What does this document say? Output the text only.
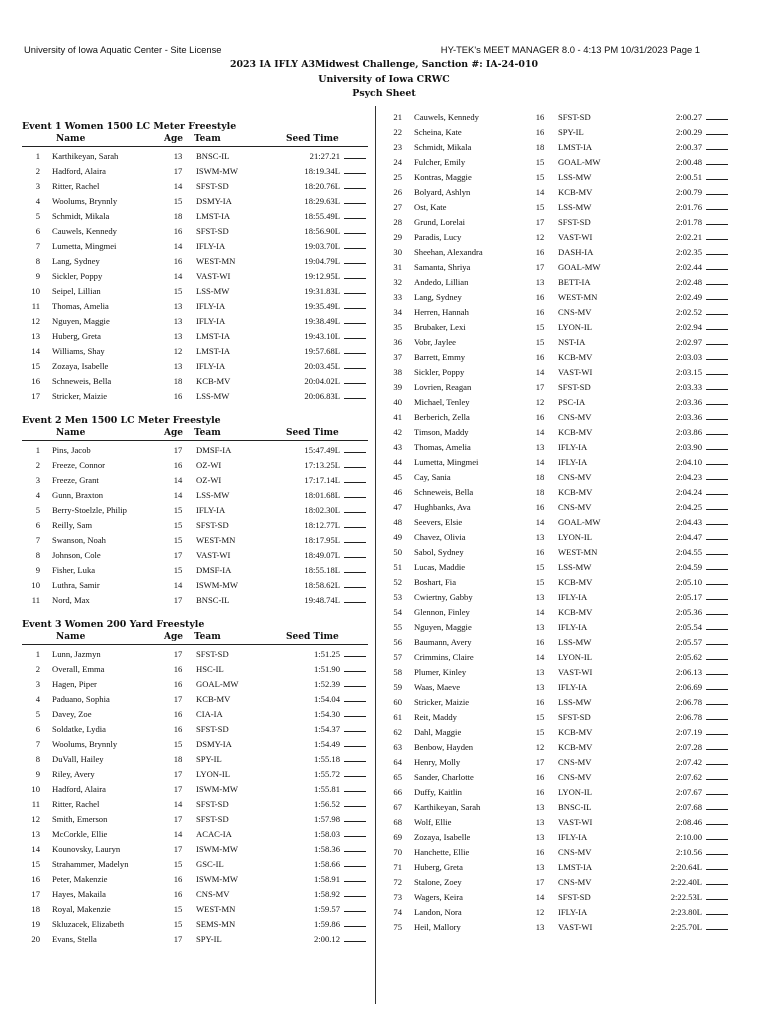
University of Iowa Aquatic Center - Site License	HY-TEK's MEET MANAGER 8.0 - 4:13 PM 10/31/2023 Page 1
2023 IA IFLY A3Midwest Challenge, Sanction #: IA-24-010
University of Iowa CRWC
Psych Sheet
Event 1 Women 1500 LC Meter Freestyle
Name	Age Team	Seed Time
1 Karthikeyan, Sarah	13	BNSC-IL	21:27.21
2 Hadford, Alaira	17	ISWM-MW	18:19.34L
3 Ritter, Rachel	14	SFST-SD	18:20.76L
4 Woolums, Brynnly	15	DSMY-IA	18:29.63L
5 Schmidt, Mikala	18	LMST-IA	18:55.49L
6 Cauwels, Kennedy	16	SFST-SD	18:56.90L
7 Lumetta, Mingmei	14	IFLY-IA	19:03.70L
8 Lang, Sydney	16	WEST-MN	19:04.79L
9 Sickler, Poppy	14	VAST-WI	19:12.95L
10 Seipel, Lillian	15	LSS-MW	19:31.83L
11 Thomas, Amelia	13	IFLY-IA	19:35.49L
12 Nguyen, Maggie	13	IFLY-IA	19:38.49L
13 Huberg, Greta	13	LMST-IA	19:43.10L
14 Williams, Shay	12	LMST-IA	19:57.68L
15 Zozaya, Isabelle	13	IFLY-IA	20:03.45L
16 Schneweis, Bella	18	KCB-MV	20:04.02L
17 Stricker, Maizie	16	LSS-MW	20:06.83L
Event 2 Men 1500 LC Meter Freestyle
Name	Age Team	Seed Time
1 Pins, Jacob	17	DMSF-IA	15:47.49L
2 Freeze, Connor	16	OZ-WI	17:13.25L
3 Freeze, Grant	14	OZ-WI	17:17.14L
4 Gunn, Braxton	14	LSS-MW	18:01.68L
5 Berry-Stoelzle, Philip	15	IFLY-IA	18:02.30L
6 Reilly, Sam	15	SFST-SD	18:12.77L
7 Swanson, Noah	15	WEST-MN	18:17.95L
8 Johnson, Cole	17	VAST-WI	18:49.07L
9 Fisher, Luka	15	DMSF-IA	18:55.18L
10 Luthra, Samir	14	ISWM-MW	18:58.62L
11 Nord, Max	17	BNSC-IL	19:48.74L
Event 3 Women 200 Yard Freestyle
Name	Age Team	Seed Time
1 Lunn, Jazmyn	17	SFST-SD	1:51.25
2 Overall, Emma	16	HSC-IL	1:51.90
3 Hagen, Piper	16	GOAL-MW	1:52.39
4 Paduano, Sophia	17	KCB-MV	1:54.04
5 Davey, Zoe	16	CIA-IA	1:54.30
6 Soldatke, Lydia	16	SFST-SD	1:54.37
7 Woolums, Brynnly	15	DSMY-IA	1:54.49
8 DuVall, Hailey	18	SPY-IL	1:55.18
9 Riley, Avery	17	LYON-IL	1:55.72
10 Hadford, Alaira	17	ISWM-MW	1:55.81
11 Ritter, Rachel	14	SFST-SD	1:56.52
12 Smith, Emerson	17	SFST-SD	1:57.98
13 McCorkle, Ellie	14	ACAC-IA	1:58.03
14 Kounovsky, Lauryn	17	ISWM-MW	1:58.36
15 Strahammer, Madelyn	15	GSC-IL	1:58.66
16 Peter, Makenzie	16	ISWM-MW	1:58.91
17 Hayes, Makaila	16	CNS-MV	1:58.92
18 Royal, Makenzie	15	WEST-MN	1:59.57
19 Skluzacek, Elizabeth	15	SEMS-MN	1:59.86
20 Evans, Stella	17	SPY-IL	2:00.12
21 Cauwels, Kennedy	16	SFST-SD	2:00.27
22 Scheina, Kate	16	SPY-IL	2:00.29
23 Schmidt, Mikala	18	LMST-IA	2:00.37
24 Fulcher, Emily	15	GOAL-MW	2:00.48
25 Kontras, Maggie	15	LSS-MW	2:00.51
26 Bolyard, Ashlyn	14	KCB-MV	2:00.79
27 Ost, Kate	15	LSS-MW	2:01.76
28 Grund, Lorelai	17	SFST-SD	2:01.78
29 Paradis, Lucy	12	VAST-WI	2:02.21
30 Sheehan, Alexandra	16	DASH-IA	2:02.35
31 Samanta, Shriya	17	GOAL-MW	2:02.44
32 Andedo, Lillian	13	BETT-IA	2:02.48
33 Lang, Sydney	16	WEST-MN	2:02.49
34 Herren, Hannah	16	CNS-MV	2:02.52
35 Brubaker, Lexi	15	LYON-IL	2:02.94
36 Vobr, Jaylee	15	NST-IA	2:02.97
37 Barrett, Emmy	16	KCB-MV	2:03.03
38 Sickler, Poppy	14	VAST-WI	2:03.15
39 Lovrien, Reagan	17	SFST-SD	2:03.33
40 Michael, Tenley	12	PSC-IA	2:03.36
41 Berberich, Zella	16	CNS-MV	2:03.36
42 Timson, Maddy	14	KCB-MV	2:03.86
43 Thomas, Amelia	13	IFLY-IA	2:03.90
44 Lumetta, Mingmei	14	IFLY-IA	2:04.10
45 Cay, Sania	18	CNS-MV	2:04.23
46 Schneweis, Bella	18	KCB-MV	2:04.24
47 Hughbanks, Ava	16	CNS-MV	2:04.25
48 Seevers, Elsie	14	GOAL-MW	2:04.43
49 Chavez, Olivia	13	LYON-IL	2:04.47
50 Sabol, Sydney	16	WEST-MN	2:04.55
51 Lucas, Maddie	15	LSS-MW	2:04.59
52 Boshart, Fia	15	KCB-MV	2:05.10
53 Cwiertny, Gabby	13	IFLY-IA	2:05.17
54 Glennon, Finley	14	KCB-MV	2:05.36
55 Nguyen, Maggie	13	IFLY-IA	2:05.54
56 Baumann, Avery	16	LSS-MW	2:05.57
57 Crimmins, Claire	14	LYON-IL	2:05.62
58 Plumer, Kinley	13	VAST-WI	2:06.13
59 Waas, Maeve	13	IFLY-IA	2:06.69
60 Stricker, Maizie	16	LSS-MW	2:06.78
61 Reit, Maddy	15	SFST-SD	2:06.78
62 Dahl, Maggie	15	KCB-MV	2:07.19
63 Benbow, Hayden	12	KCB-MV	2:07.28
64 Henry, Molly	17	CNS-MV	2:07.42
65 Sander, Charlotte	16	CNS-MV	2:07.62
66 Duffy, Kaitlin	16	LYON-IL	2:07.67
67 Karthikeyan, Sarah	13	BNSC-IL	2:07.68
68 Wolf, Ellie	13	VAST-WI	2:08.46
69 Zozaya, Isabelle	13	IFLY-IA	2:10.00
70 Hanchette, Ellie	16	CNS-MV	2:10.56
71 Huberg, Greta	13	LMST-IA	2:20.64L
72 Stalone, Zoey	17	CNS-MV	2:22.40L
73 Wagers, Keira	14	SFST-SD	2:22.53L
74 Landon, Nora	12	IFLY-IA	2:23.80L
75 Heil, Mallory	13	VAST-WI	2:25.70L
